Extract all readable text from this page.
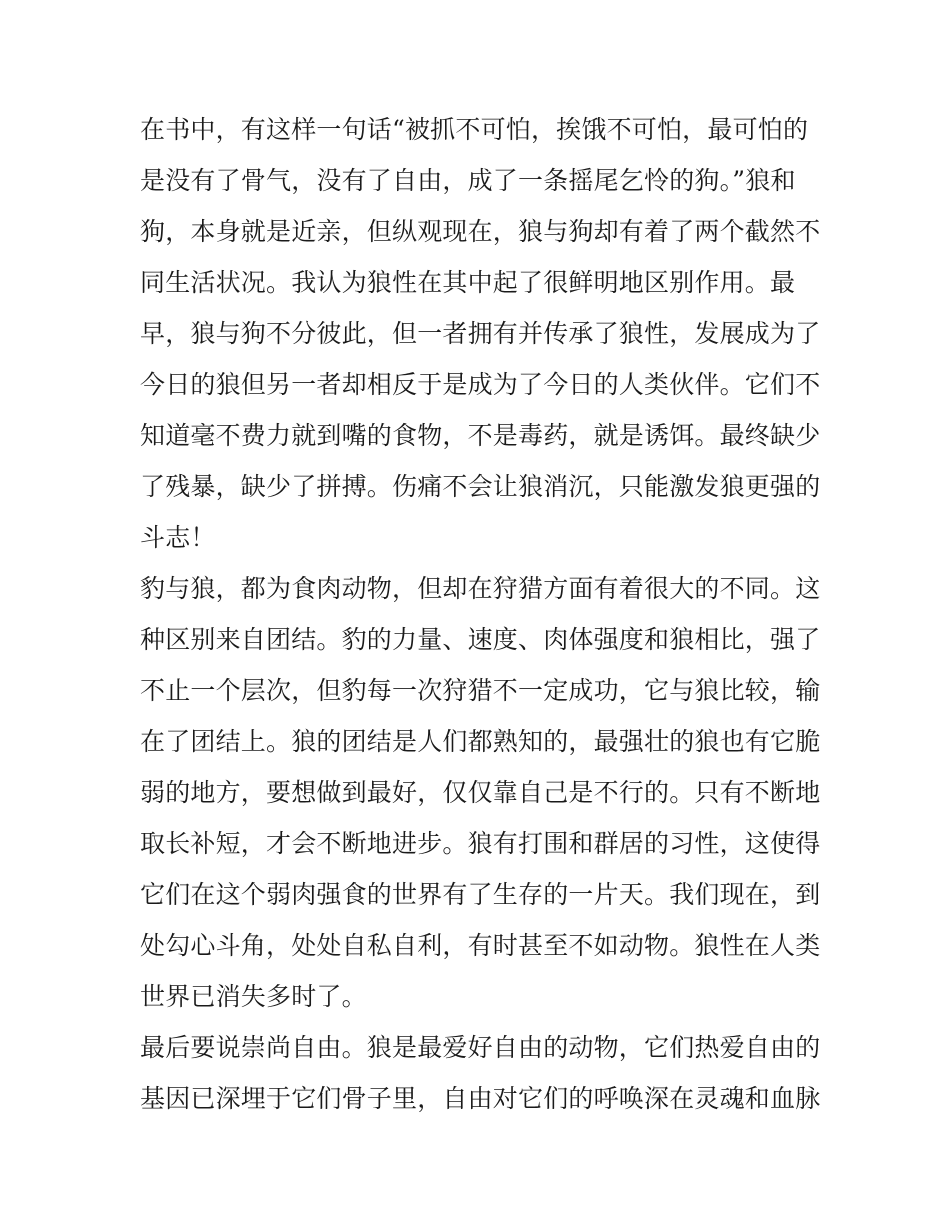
在书中，有这样一句话“被抓不可怕，挨饿不可怕，最可怕的
是没有了骨气，没有了自由，成了一条摇尾乞怜的狗。”狼和
狗，本身就是近亲，但纵观现在，狼与狗却有着了两个截然不
同生活状况。我认为狼性在其中起了很鲜明地区别作用。最
早，狼与狗不分彼此，但一者拥有并传承了狼性，发展成为了
今日的狼但另一者却相反于是成为了今日的人类伙伴。它们不
知道毫不费力就到嘴的食物，不是毒药，就是诱饵。最终缺少
了残暴，缺少了拼搏。伤痛不会让狼消沉，只能激发狼更强的
斗志！
豹与狼，都为食肉动物，但却在狩猎方面有着很大的不同。这
种区别来自团结。豹的力量、速度、肉体强度和狼相比，强了
不止一个层次，但豹每一次狩猎不一定成功，它与狼比较，输
在了团结上。狼的团结是人们都熟知的，最强壮的狼也有它脆
弱的地方，要想做到最好，仅仅靠自己是不行的。只有不断地
取长补短，才会不断地进步。狼有打围和群居的习性，这使得
它们在这个弱肉强食的世界有了生存的一片天。我们现在，到
处勾心斗角，处处自私自利，有时甚至不如动物。狼性在人类
世界已消失多时了。
最后要说崇尚自由。狼是最爱好自由的动物，它们热爱自由的
基因已深埋于它们骨子里，自由对它们的呼唤深在灵魂和血脉
